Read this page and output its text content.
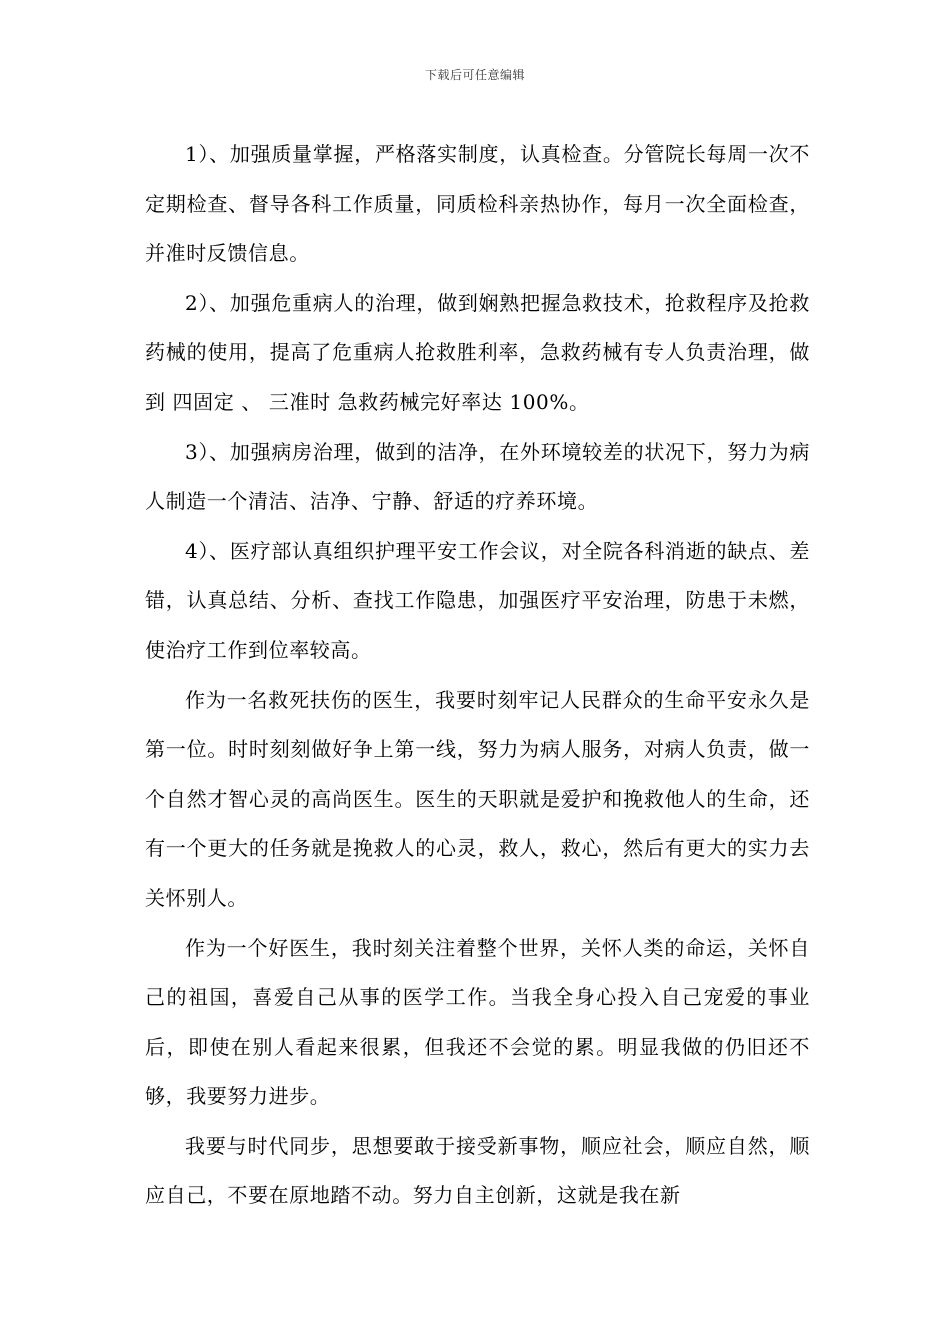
下载后可任意编辑

1）、加强质量掌握，严格落实制度，认真检查。分管院长每周一次不定期检查、督导各科工作质量，同质检科亲热协作，每月一次全面检查，并准时反馈信息。

2）、加强危重病人的治理，做到娴熟把握急救技术，抢救程序及抢救药械的使用，提高了危重病人抢救胜利率，急救药械有专人负责治理，做到 四固定 、 三准时 急救药械完好率达 100%。

3）、加强病房治理，做到的洁净，在外环境较差的状况下，努力为病人制造一个清洁、洁净、宁静、舒适的疗养环境。

4）、医疗部认真组织护理平安工作会议，对全院各科消逝的缺点、差错，认真总结、分析、查找工作隐患，加强医疗平安治理，防患于未燃，使治疗工作到位率较高。

作为一名救死扶伤的医生，我要时刻牢记人民群众的生命平安永久是第一位。时时刻刻做好争上第一线，努力为病人服务，对病人负责，做一个自然才智心灵的高尚医生。医生的天职就是爱护和挽救他人的生命，还有一个更大的任务就是挽救人的心灵，救人，救心，然后有更大的实力去关怀别人。

作为一个好医生，我时刻关注着整个世界，关怀人类的命运，关怀自己的祖国，喜爱自己从事的医学工作。当我全身心投入自己宠爱的事业后，即使在别人看起来很累，但我还不会觉的累。明显我做的仍旧还不够，我要努力进步。

我要与时代同步，思想要敢于接受新事物，顺应社会，顺应自然，顺应自己，不要在原地踏不动。努力自主创新，这就是我在新
